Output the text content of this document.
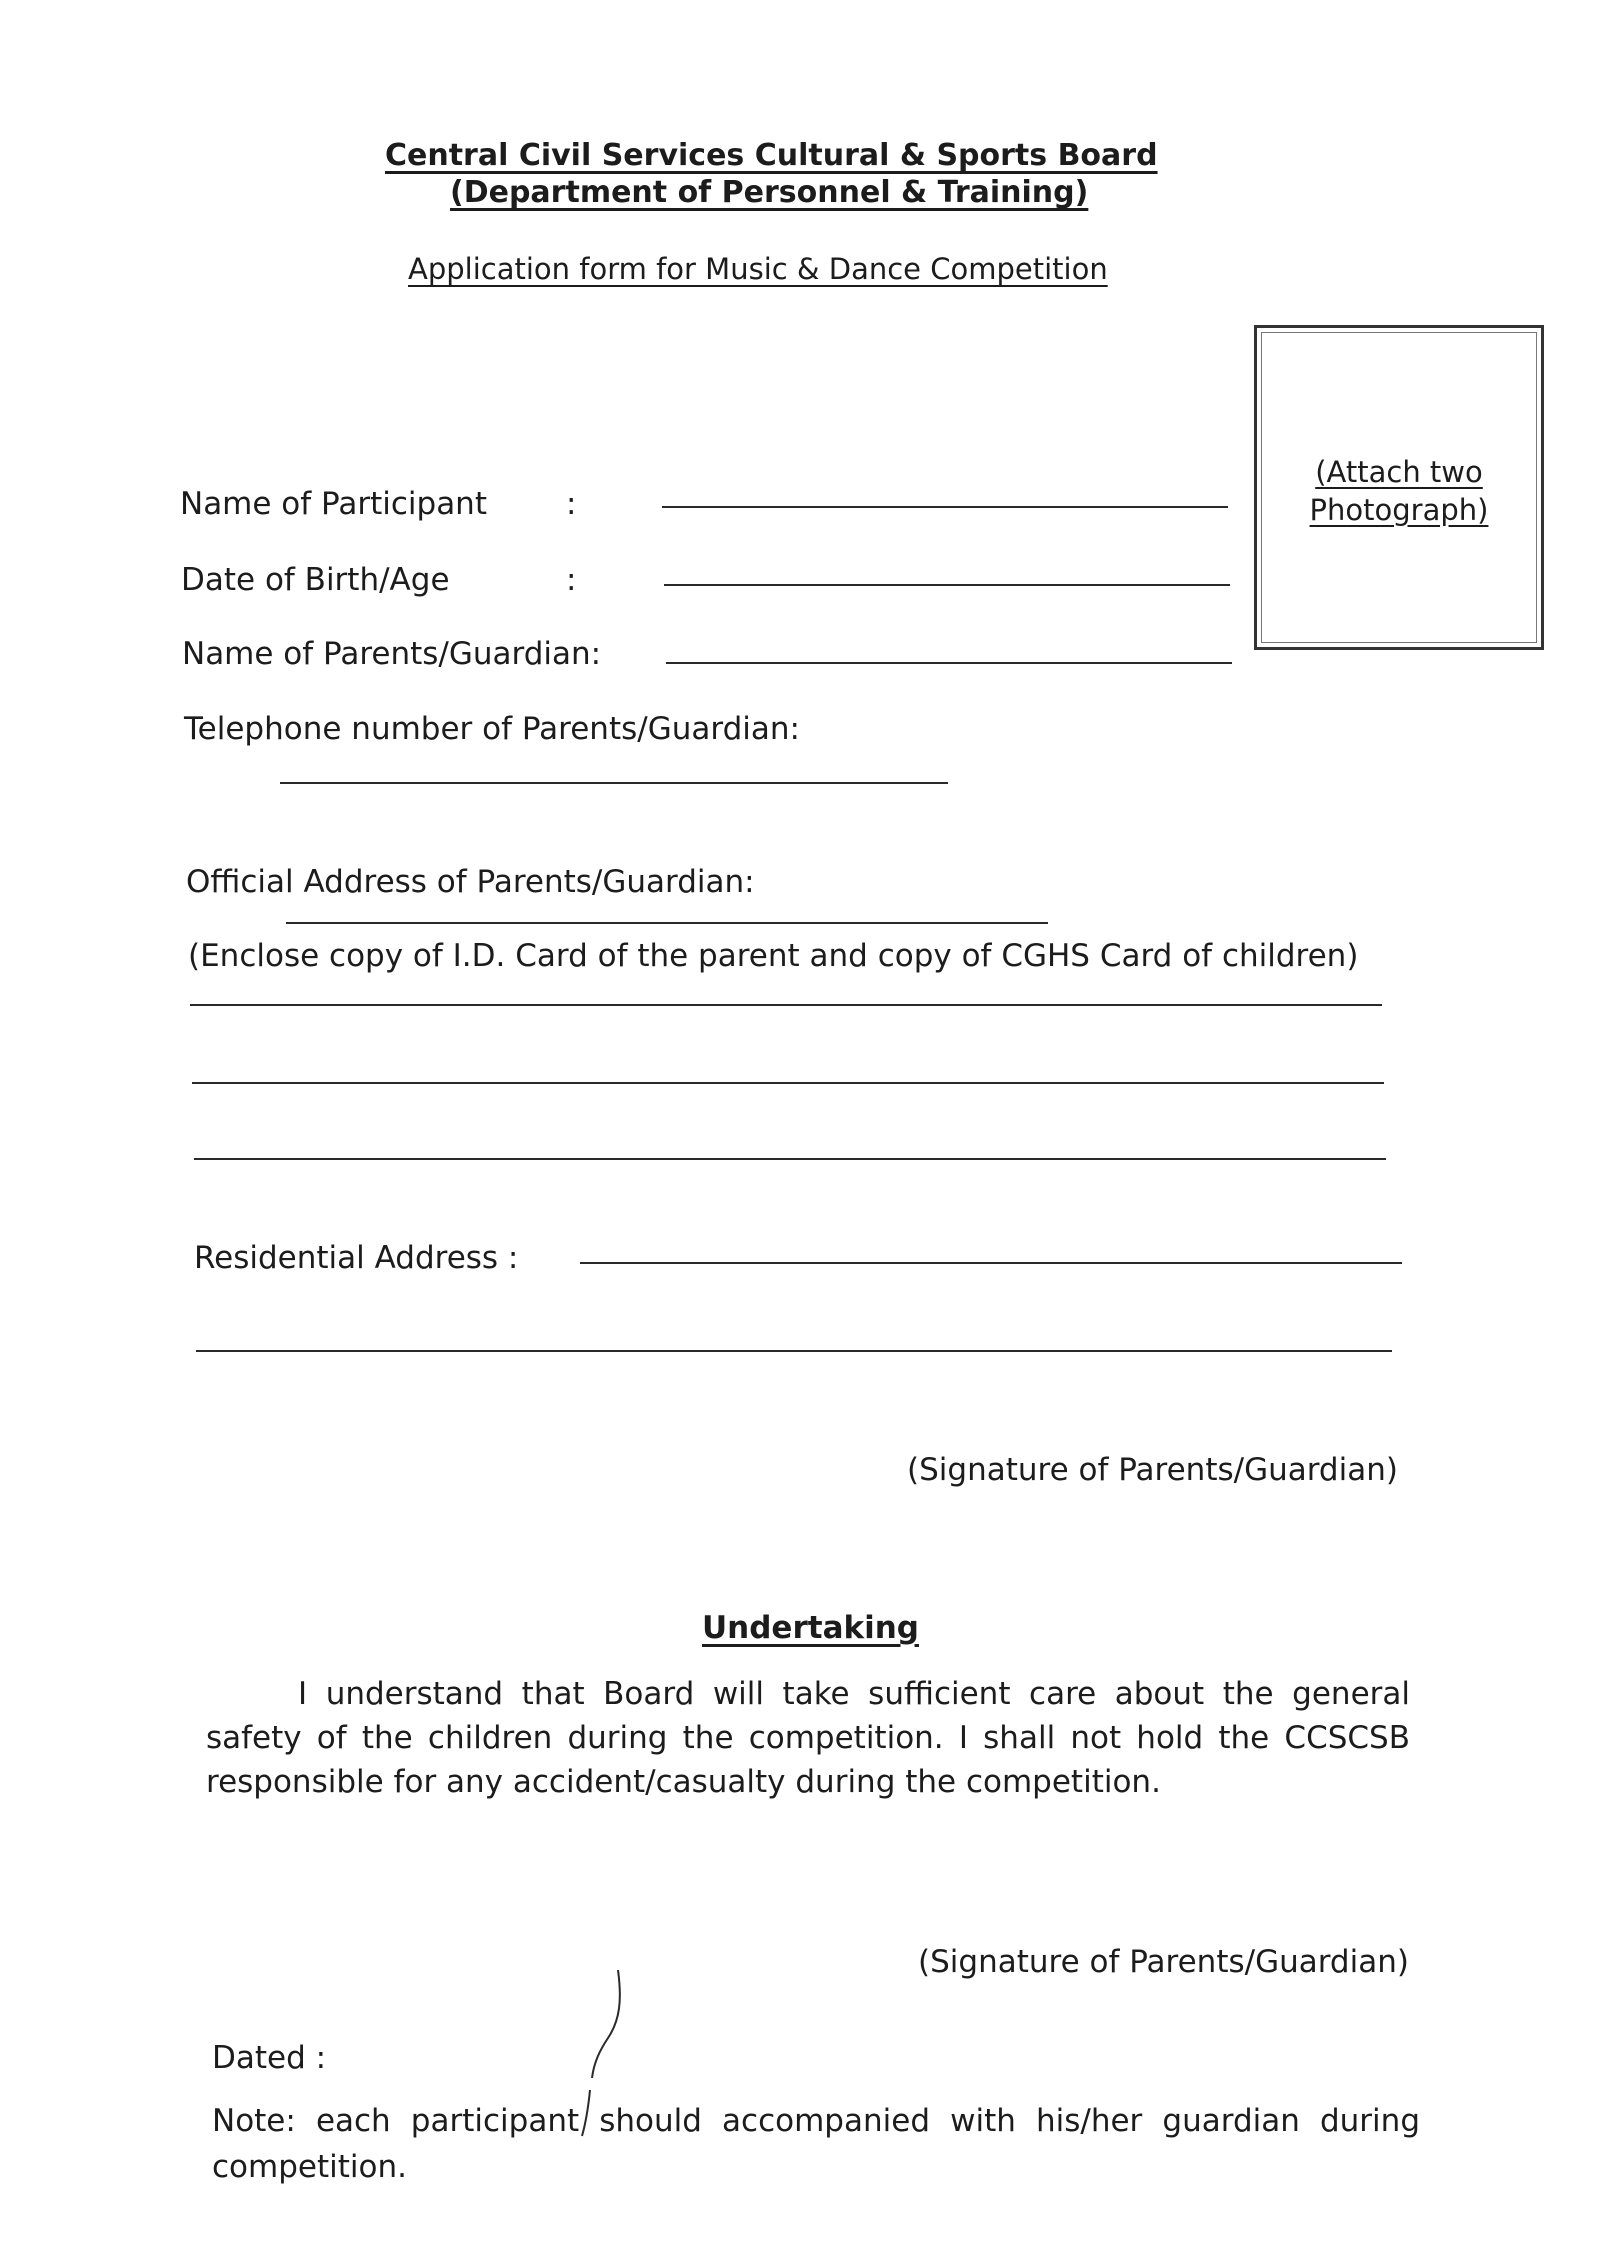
Central Civil Services Cultural & Sports Board
(Department of Personnel & Training)
Application form for Music & Dance Competition
(Attach two
Photograph)
Name of Participant	:
Date of Birth/Age	:
Name of Parents/Guardian:
Telephone number of Parents/Guardian:
Official Address of Parents/Guardian:
(Enclose copy of I.D. Card of the parent and copy of CGHS Card of children)
Residential Address :
(Signature of Parents/Guardian)
Undertaking
I understand that Board will take sufficient care about the general safety of the children during the competition. I shall not hold the CCSCSB responsible for any accident/casualty during the competition.
(Signature of Parents/Guardian)
Dated :
Note: each participant should accompanied with his/her guardian during competition.
